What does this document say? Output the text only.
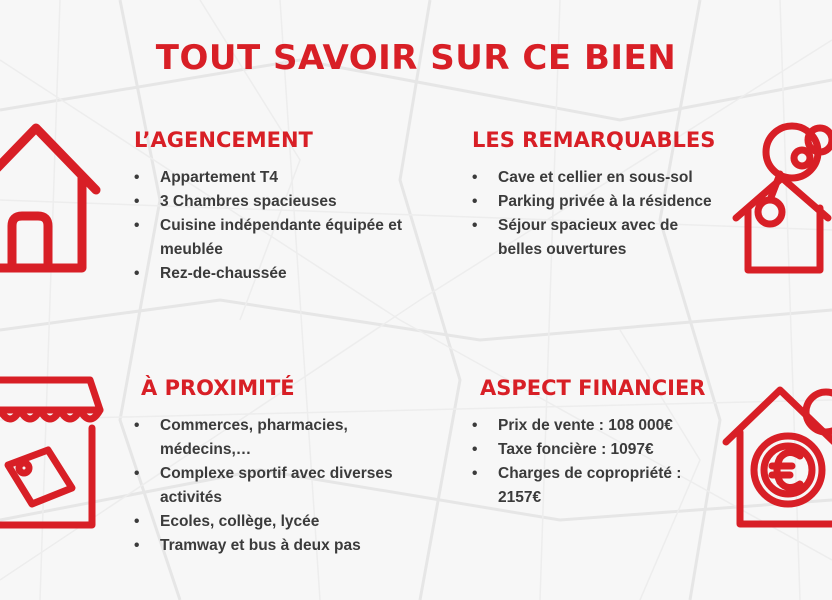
TOUT SAVOIR SUR CE BIEN
L’AGENCEMENT
• Appartement T4
• 3 Chambres spacieuses
• Cuisine indépendante équipée et meublée
• Rez-de-chaussée
LES REMARQUABLES
• Cave et cellier en sous-sol
• Parking privée à la résidence
• Séjour spacieux avec de belles ouvertures
À PROXIMITÉ
• Commerces, pharmacies, médecins,…
• Complexe sportif avec diverses activités
• Ecoles, collège, lycée
• Tramway et bus à deux pas
ASPECT FINANCIER
• Prix de vente : 108 000€
• Taxe foncière : 1097€
• Charges de copropriété : 2157€
